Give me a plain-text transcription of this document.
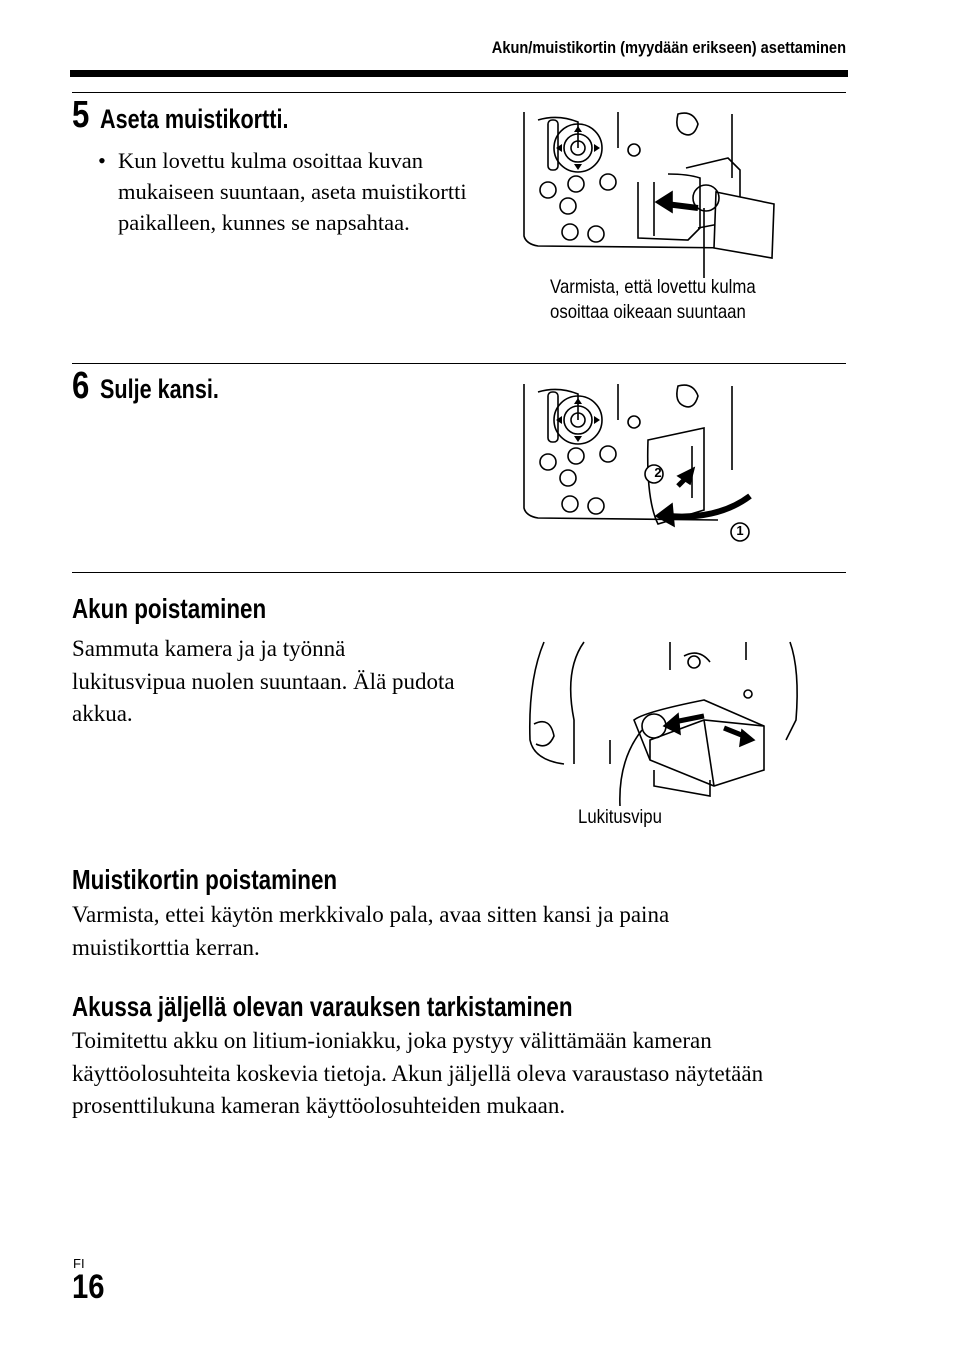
Akun/muistikortin (myydään erikseen) asettaminen
5 Aseta muistikortti.
• Kun lovettu kulma osoittaa kuvan
mukaiseen suuntaan, aseta muistikortti
paikalleen, kunnes se napsahtaa.
Varmista, että lovettu kulma
osoittaa oikeaan suuntaan
6 Sulje kansi.
2
1
Akun poistaminen
Sammuta kamera ja ja työnnä
lukitusvipua nuolen suuntaan. Älä pudota
akkua.
Lukitusvipu
Muistikortin poistaminen
Varmista, ettei käytön merkkivalo pala, avaa sitten kansi ja paina
muistikorttia kerran.
Akussa jäljellä olevan varauksen tarkistaminen
Toimitettu akku on litium-ioniakku, joka pystyy välittämään kameran
käyttöolosuhteita koskevia tietoja. Akun jäljellä oleva varaustaso näytetään
prosenttilukuna kameran käyttöolosuhteiden mukaan.
FI
16
